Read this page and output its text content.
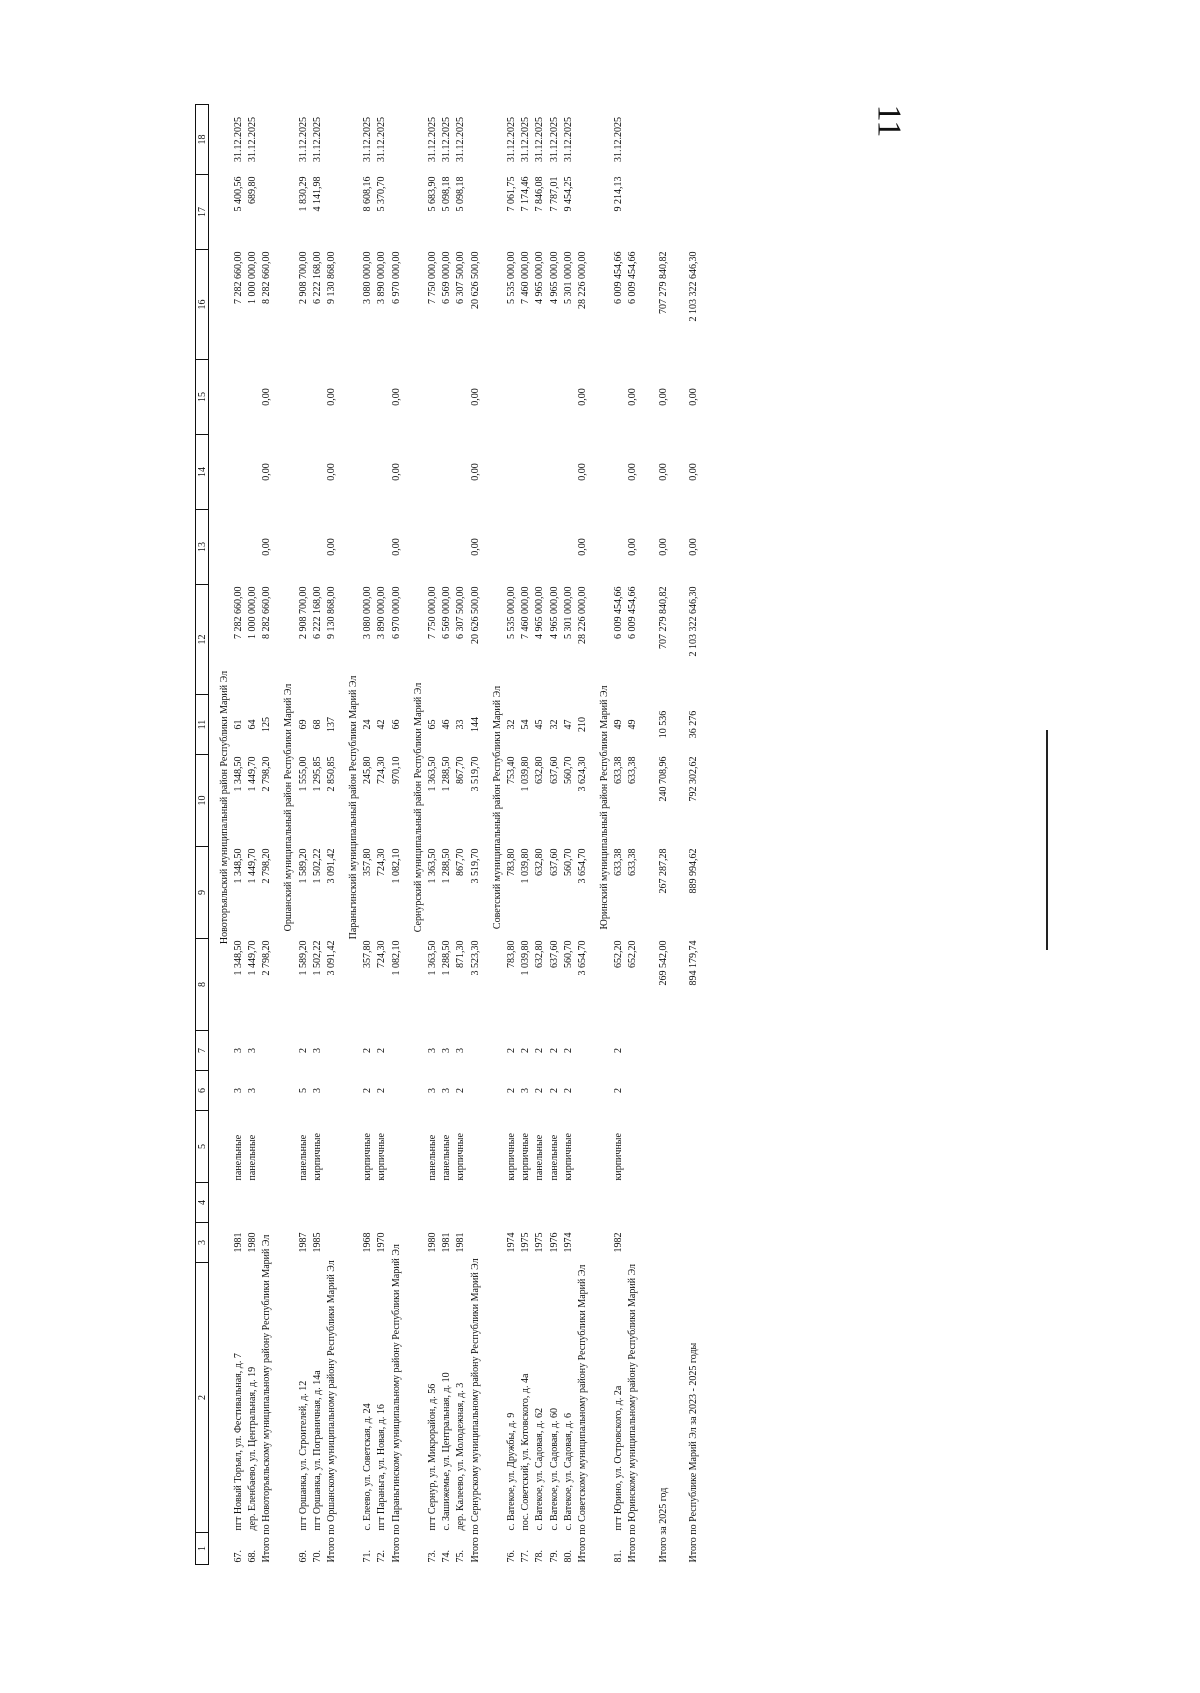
11
1	2	3	4	5	6	7	8	9	10	11	12	13	14	15	16	17	18

							Новоторъяльский муниципальный район Республики Марий Эл										
67.	пгт Новый Торъял, ул. Фестивальная, д. 7	1981		панельные	3	3	1 348,50	1 348,50	1 348,50	61	7 282 660,00				7 282 660,00	5 400,56	31.12.2025
68.	дер. Еленбаево, ул. Центральная, д. 19	1980		панельные	3	3	1 449,70	1 449,70	1 449,70	64	1 000 000,00				1 000 000,00	689,80	31.12.2025
Итого по Новоторъяльскому муниципальному району Республики Марий Эл							2 798,20	2 798,20	2 798,20	125	8 282 660,00	0,00	0,00	0,00	8 282 660,00		

							Оршанский муниципальный район Республики Марий Эл										
69.	пгт Оршанка, ул. Строителей, д. 12	1987		панельные	5	2	1 589,20	1 589,20	1 555,00	69	2 908 700,00				2 908 700,00	1 830,29	31.12.2025
70.	пгт Оршанка, ул. Пограничная, д. 14а	1985		кирпичные	3	3	1 502,22	1 502,22	1 295,85	68	6 222 168,00				6 222 168,00	4 141,98	31.12.2025
Итого по Оршанскому муниципальному району Республики Марий Эл							3 091,42	3 091,42	2 850,85	137	9 130 868,00	0,00	0,00	0,00	9 130 868,00		

							Параньгинский муниципальный район Республики Марий Эл										
71.	с. Елеево, ул. Советская, д. 24	1968		кирпичные	2	2	357,80	357,80	245,80	24	3 080 000,00				3 080 000,00	8 608,16	31.12.2025
72.	пгт Параньга, ул. Новая, д. 16	1970		кирпичные	2	2	724,30	724,30	724,30	42	3 890 000,00				3 890 000,00	5 370,70	31.12.2025
Итого по Параньгинскому муниципальному району Республики Марий Эл							1 082,10	1 082,10	970,10	66	6 970 000,00	0,00	0,00	0,00	6 970 000,00		

							Сернурский муниципальный район Республики Марий Эл										
73.	пгт Сернур, ул. Микрорайон, д. 56	1980		панельные	3	3	1 363,50	1 363,50	1 363,50	65	7 750 000,00				7 750 000,00	5 683,90	31.12.2025
74.	с. Зашижемье, ул. Центральная, д. 10	1981		панельные	3	3	1 288,50	1 288,50	1 288,50	46	6 569 000,00				6 569 000,00	5 098,18	31.12.2025
75.	дер. Калеево, ул. Молодежная, д. 3	1981		кирпичные	2	3	871,30	867,70	867,70	33	6 307 500,00				6 307 500,00	5 098,18	31.12.2025
Итого по Сернурскому муниципальному району Республики Марий Эл							3 523,30	3 519,70	3 519,70	144	20 626 500,00	0,00	0,00	0,00	20 626 500,00		

							Советский муниципальный район Республики Марий Эл										
76.	с. Ватекое, ул. Дружбы, д. 9	1974		кирпичные	2	2	783,80	783,80	753,40	32	5 535 000,00				5 535 000,00	7 061,75	31.12.2025
77.	пос. Советский, ул. Котовского, д. 4а	1975		кирпичные	3	2	1 039,80	1 039,80	1 039,80	54	7 460 000,00				7 460 000,00	7 174,46	31.12.2025
78.	с. Ватекое, ул. Садовая, д. 62	1975		панельные	2	2	632,80	632,80	632,80	45	4 965 000,00				4 965 000,00	7 846,08	31.12.2025
79.	с. Ватекое, ул. Садовая, д. 60	1976		панельные	2	2	637,60	637,60	637,60	32	4 965 000,00				4 965 000,00	7 787,01	31.12.2025
80.	с. Ватекое, ул. Садовая, д. 6	1974		кирпичные	2	2	560,70	560,70	560,70	47	5 301 000,00				5 301 000,00	9 454,25	31.12.2025
Итого по Советскому муниципальному району Республики Марий Эл							3 654,70	3 654,70	3 624,30	210	28 226 000,00	0,00	0,00	0,00	28 226 000,00		

							Юринский муниципальный район Республики Марий Эл										
81.	пгт Юрино, ул. Островского, д. 2а	1982		кирпичные	2	2	652,20	633,38	633,38	49	6 009 454,66				6 009 454,66	9 214,13	31.12.2025
Итого по Юринскому муниципальному району Республики Марий Эл							652,20	633,38	633,38	49	6 009 454,66	0,00	0,00	0,00	6 009 454,66		

Итого за 2025 год							269 542,00	267 287,28	240 708,96	10 536	707 279 840,82	0,00	0,00	0,00	707 279 840,82		

Итого по Республике Марий Эл за 2023 - 2025 годы							894 179,74	889 994,62	792 302,62	36 276	2 103 322 646,30	0,00	0,00	0,00	2 103 322 646,30		
